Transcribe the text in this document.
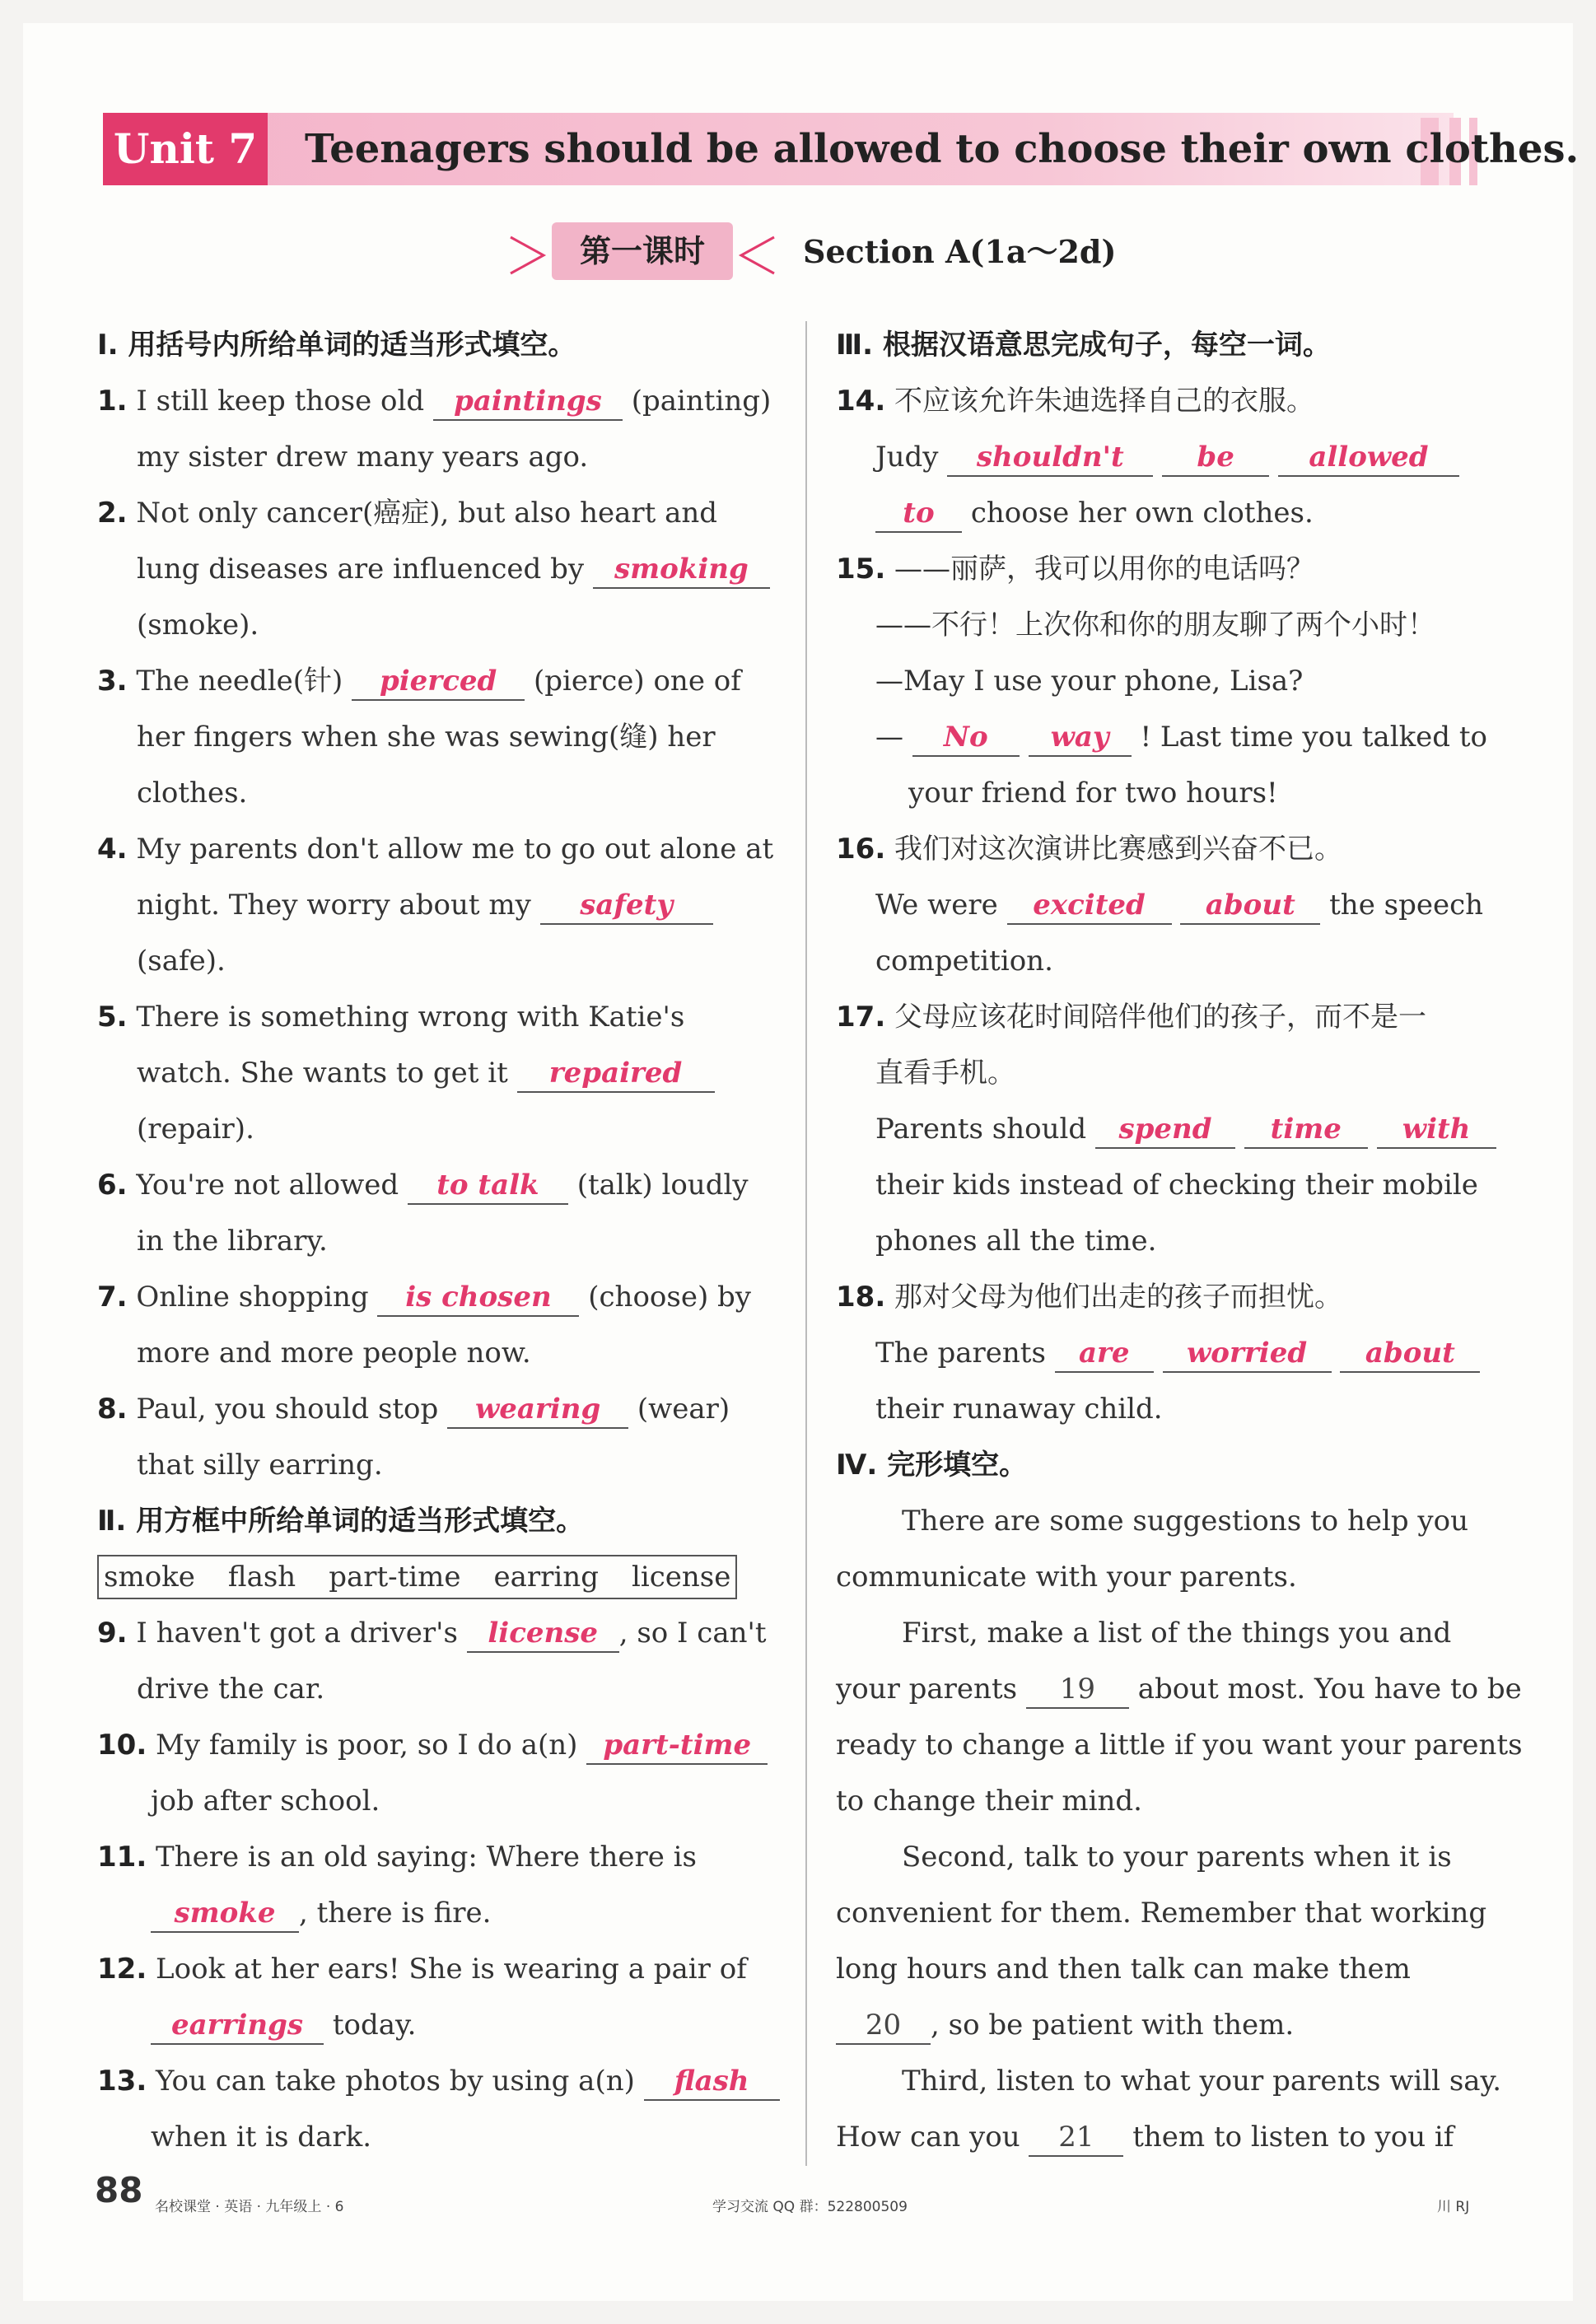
Unit 7 Teenagers should be allowed to choose their own clothes.
第一课时	Section A(1a～2d)
Ⅰ. 用括号内所给单词的适当形式填空。
1. I still keep those old paintings (painting)
my sister drew many years ago.
2. Not only cancer(癌症), but also heart and
lung diseases are influenced by smoking
(smoke).
3. The needle(针) pierced (pierce) one of
her fingers when she was sewing(缝) her
clothes.
4. My parents don't allow me to go out alone at
night. They worry about my safety
(safe).
5. There is something wrong with Katie's
watch. She wants to get it repaired
(repair).
6. You're not allowed to talk (talk) loudly
in the library.
7. Online shopping is chosen (choose) by
more and more people now.
8. Paul, you should stop wearing (wear)
that silly earring.
Ⅱ. 用方框中所给单词的适当形式填空。
smoke flash part-time earring license
9. I haven't got a driver's license , so I can't
drive the car.
10. My family is poor, so I do a(n) part-time
job after school.
11. There is an old saying: Where there is
smoke , there is fire.
12. Look at her ears! She is wearing a pair of
earrings today.
13. You can take photos by using a(n) flash
when it is dark.
Ⅲ. 根据汉语意思完成句子，每空一词。
14. 不应该允许朱迪选择自己的衣服。
Judy shouldn't	be	allowed
to choose her own clothes.
15. ——丽萨，我可以用你的电话吗？
——不行！上次你和你的朋友聊了两个小时！
—May I use your phone, Lisa?
— No way ! Last time you talked to
your friend for two hours!
16. 我们对这次演讲比赛感到兴奋不已。
We were excited about the speech
competition.
17. 父母应该花时间陪伴他们的孩子，而不是一
直看手机。
Parents should spend time with
their kids instead of checking their mobile
phones all the time.
18. 那对父母为他们出走的孩子而担忧。
The parents are worried about
their runaway child.
Ⅳ. 完形填空。
There are some suggestions to help you
communicate with your parents.
First, make a list of the things you and
your parents 19 about most. You have to be
ready to change a little if you want your parents
to change their mind.
Second, talk to your parents when it is
convenient for them. Remember that working
long hours and then talk can make them
20 , so be patient with them.
Third, listen to what your parents will say.
How can you 21 them to listen to you if
88 名校课堂 · 英语 · 九年级上 · 6	学习交流 QQ 群：522800509	川 RJ
